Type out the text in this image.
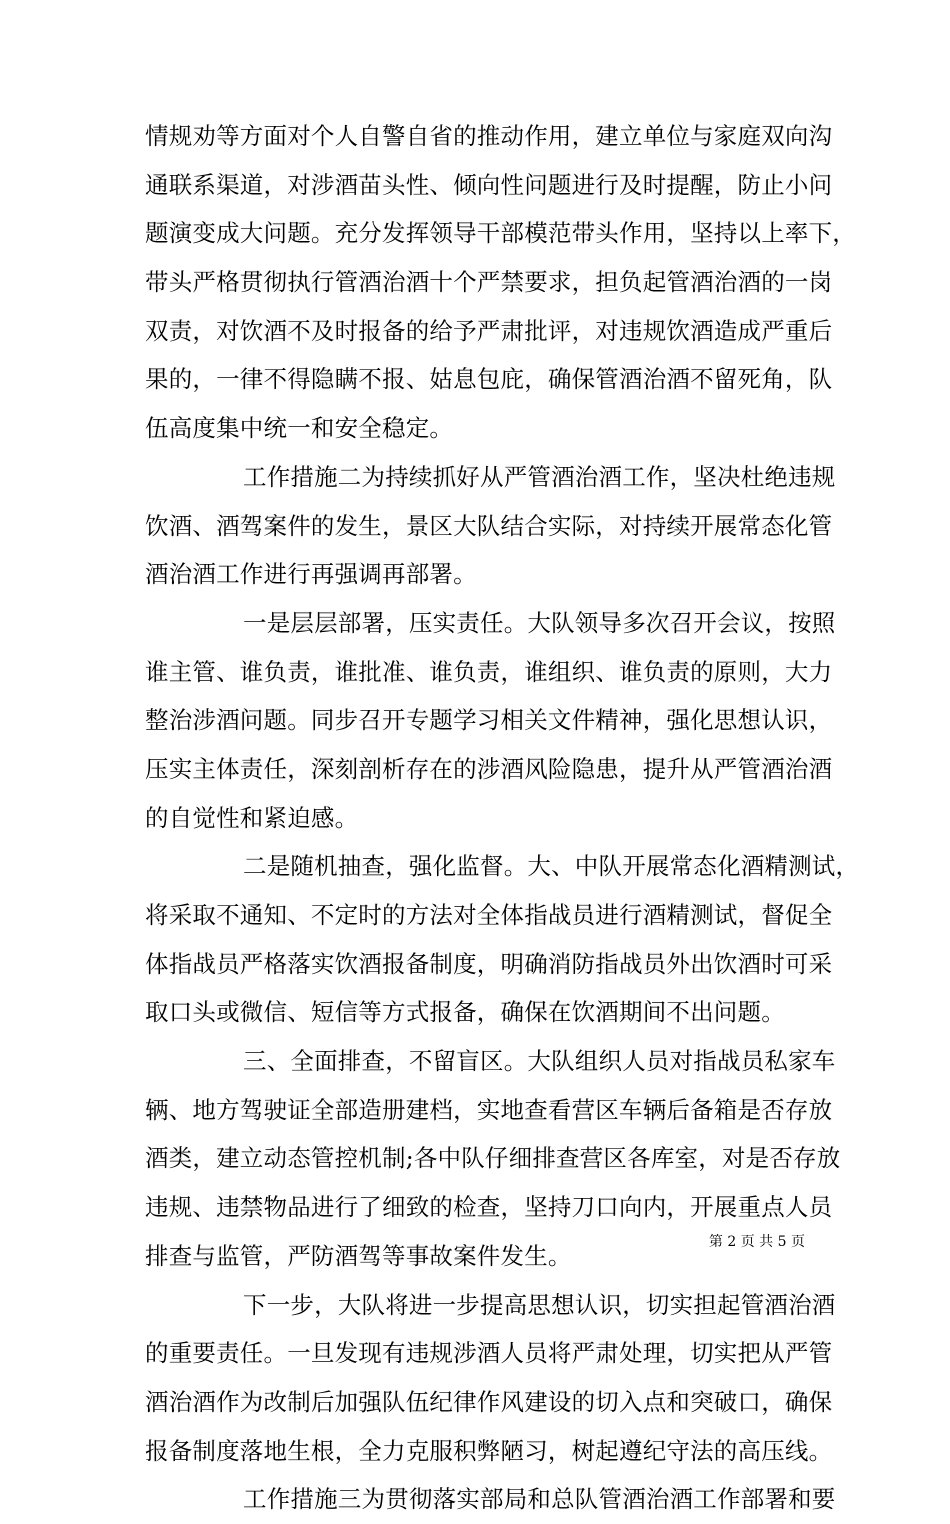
情规劝等方面对个人自警自省的推动作用，建立单位与家庭双向沟
通联系渠道，对涉酒苗头性、倾向性问题进行及时提醒，防止小问
题演变成大问题。充分发挥领导干部模范带头作用，坚持以上率下，
带头严格贯彻执行管酒治酒十个严禁要求，担负起管酒治酒的一岗
双责，对饮酒不及时报备的给予严肃批评，对违规饮酒造成严重后
果的，一律不得隐瞒不报、姑息包庇，确保管酒治酒不留死角，队
伍高度集中统一和安全稳定。
工作措施二为持续抓好从严管酒治酒工作，坚决杜绝违规
饮酒、酒驾案件的发生，景区大队结合实际，对持续开展常态化管
酒治酒工作进行再强调再部署。
一是层层部署，压实责任。大队领导多次召开会议，按照
谁主管、谁负责，谁批准、谁负责，谁组织、谁负责的原则，大力
整治涉酒问题。同步召开专题学习相关文件精神，强化思想认识，
压实主体责任，深刻剖析存在的涉酒风险隐患，提升从严管酒治酒
的自觉性和紧迫感。
二是随机抽查，强化监督。大、中队开展常态化酒精测试，
将采取不通知、不定时的方法对全体指战员进行酒精测试，督促全
体指战员严格落实饮酒报备制度，明确消防指战员外出饮酒时可采
取口头或微信、短信等方式报备，确保在饮酒期间不出问题。
三、全面排查，不留盲区。大队组织人员对指战员私家车
辆、地方驾驶证全部造册建档，实地查看营区车辆后备箱是否存放
酒类，建立动态管控机制;各中队仔细排查营区各库室，对是否存放
违规、违禁物品进行了细致的检查，坚持刀口向内，开展重点人员
排查与监管，严防酒驾等事故案件发生。
下一步，大队将进一步提高思想认识，切实担起管酒治酒
的重要责任。一旦发现有违规涉酒人员将严肃处理，切实把从严管
酒治酒作为改制后加强队伍纪律作风建设的切入点和突破口，确保
报备制度落地生根，全力克服积弊陋习，树起遵纪守法的高压线。
工作措施三为贯彻落实部局和总队管酒治酒工作部署和要
第 2 页 共 5 页
